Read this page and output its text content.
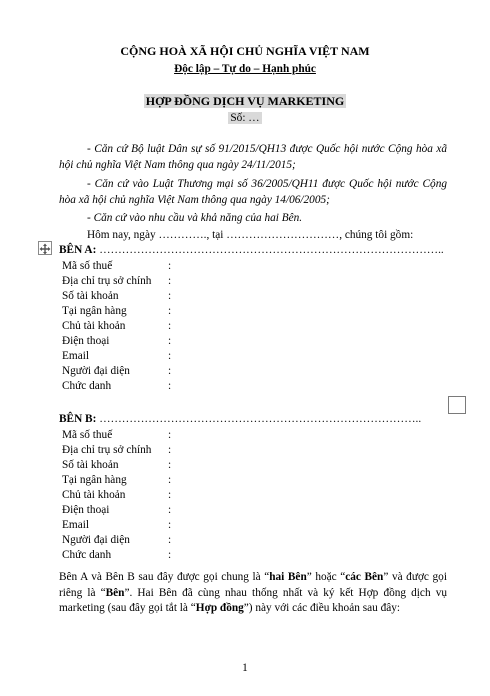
CỘNG HOÀ XÃ HỘI CHỦ NGHĨA VIỆT NAM
Độc lập – Tự do – Hạnh phúc
HỢP ĐỒNG DỊCH VỤ MARKETING
Số: …
- Căn cứ Bộ luật Dân sự số 91/2015/QH13 được Quốc hội nước Cộng hòa xã hội chủ nghĩa Việt Nam thông qua ngày 24/11/2015;
- Căn cứ vào Luật Thương mại số 36/2005/QH11 được Quốc hội nước Cộng hòa xã hội chủ nghĩa Việt Nam thông qua ngày 14/06/2005;
- Căn cứ vào nhu cầu và khả năng của hai Bên.
Hôm nay, ngày …………., tại …………………………, chúng tôi gồm:
BÊN A: ………………………………………………………………………………..
Mã số thuế	:
Địa chỉ trụ sở chính :
Số tài khoản	:
Tại ngân hàng	:
Chủ tài khoản	:
Điện thoại	:
Email	:
Người đại diện	:
Chức danh	:
BÊN B: …………………………………………………………………………..
Mã số thuế	:
Địa chỉ trụ sở chính :
Số tài khoản	:
Tại ngân hàng	:
Chủ tài khoản	:
Điện thoại	:
Email	:
Người đại diện	:
Chức danh	:
Bên A và Bên B sau đây được gọi chung là “hai Bên” hoặc “các Bên” và được gọi riêng là “Bên”. Hai Bên đã cùng nhau thống nhất và ký kết Hợp đồng dịch vụ marketing (sau đây gọi tắt là “Hợp đồng”) này với các điều khoản sau đây:
1
